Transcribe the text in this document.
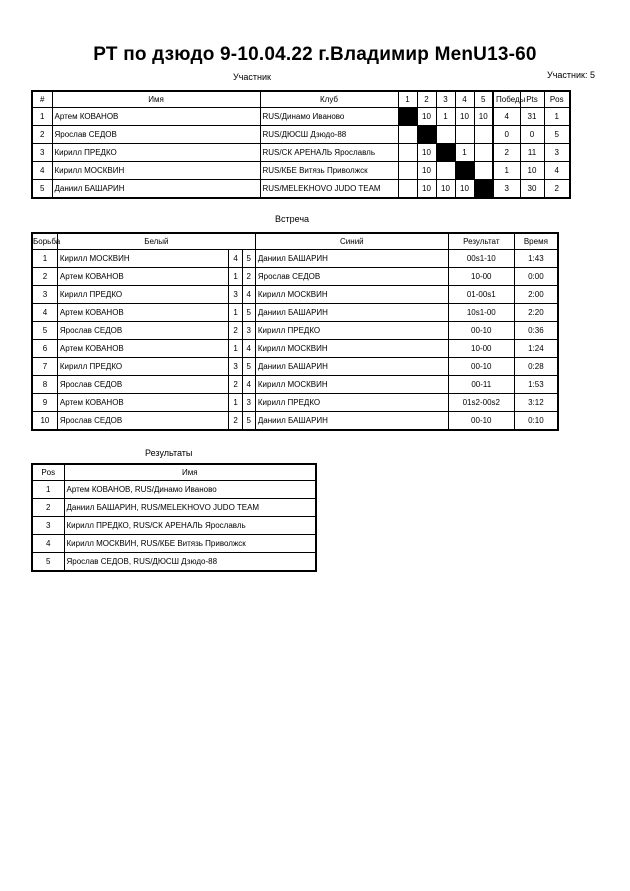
РТ по дзюдо 9-10.04.22 г.Владимир MenU13-60
Участник	Участник: 5
#	Имя	Клуб	1	2	3	4	5	Победы	Pts	Pos
1	Артем КОВАНОВ	RUS/Динамо Иваново		10	1	10	10	4	31	1
2	Ярослав СЕДОВ	RUS/ДЮСШ Дзюдо-88						0	0	5
3	Кирилл ПРЕДКО	RUS/СК АРЕНАЛЬ Ярославль		10		1		2	11	3
4	Кирилл МОСКВИН	RUS/КБЕ Витязь Приволжск		10				1	10	4
5	Даниил БАШАРИН	RUS/MELEKHOVO JUDO TEAM		10	10	10		3	30	2
Встреча
Борьба	Белый			Синий	Результат	Время
1	Кирилл МОСКВИН	4	5	Даниил БАШАРИН	00s1-10	1:43
2	Артем КОВАНОВ	1	2	Ярослав СЕДОВ	10-00	0:00
3	Кирилл ПРЕДКО	3	4	Кирилл МОСКВИН	01-00s1	2:00
4	Артем КОВАНОВ	1	5	Даниил БАШАРИН	10s1-00	2:20
5	Ярослав СЕДОВ	2	3	Кирилл ПРЕДКО	00-10	0:36
6	Артем КОВАНОВ	1	4	Кирилл МОСКВИН	10-00	1:24
7	Кирилл ПРЕДКО	3	5	Даниил БАШАРИН	00-10	0:28
8	Ярослав СЕДОВ	2	4	Кирилл МОСКВИН	00-11	1:53
9	Артем КОВАНОВ	1	3	Кирилл ПРЕДКО	01s2-00s2	3:12
10	Ярослав СЕДОВ	2	5	Даниил БАШАРИН	00-10	0:10
Результаты
Pos	Имя
1	Артем КОВАНОВ, RUS/Динамо Иваново
2	Даниил БАШАРИН, RUS/MELEKHOVO JUDO TEAM
3	Кирилл ПРЕДКО, RUS/СК АРЕНАЛЬ Ярославль
4	Кирилл МОСКВИН, RUS/КБЕ Витязь Приволжск
5	Ярослав СЕДОВ, RUS/ДЮСШ Дзюдо-88
